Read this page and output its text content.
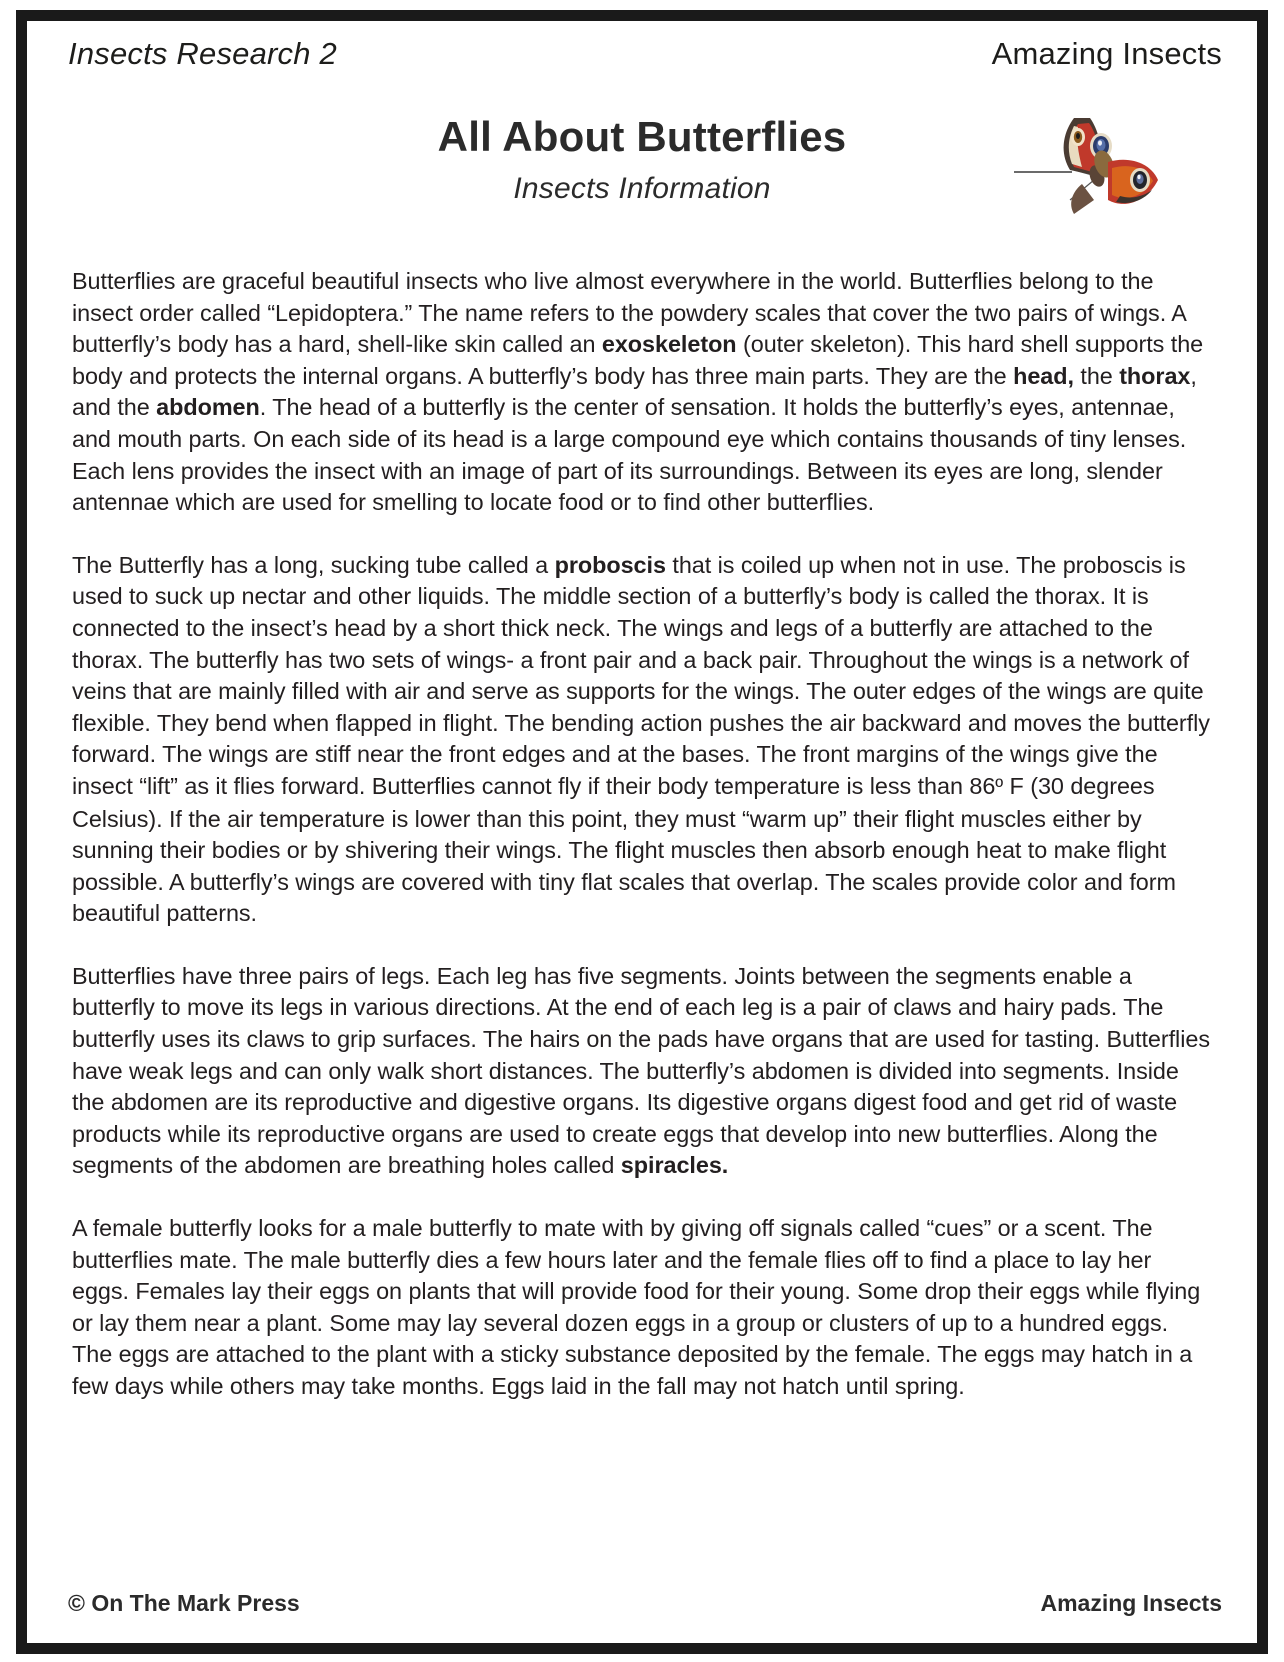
Insects Research 2	Amazing Insects
All About Butterflies
Insects Information

Butterflies are graceful beautiful insects who live almost everywhere in the world. Butterflies belong to the insect order called “Lepidoptera.” The name refers to the powdery scales that cover the two pairs of wings. A butterfly’s body has a hard, shell-like skin called an exoskeleton (outer skeleton). This hard shell supports the body and protects the internal organs. A butterfly’s body has three main parts. They are the head, the thorax, and the abdomen. The head of a butterfly is the center of sensation. It holds the butterfly’s eyes, antennae, and mouth parts. On each side of its head is a large compound eye which contains thousands of tiny lenses. Each lens provides the insect with an image of part of its surroundings. Between its eyes are long, slender antennae which are used for smelling to locate food or to find other butterflies.

The Butterfly has a long, sucking tube called a proboscis that is coiled up when not in use. The proboscis is used to suck up nectar and other liquids. The middle section of a butterfly’s body is called the thorax. It is connected to the insect’s head by a short thick neck. The wings and legs of a butterfly are attached to the thorax. The butterfly has two sets of wings- a front pair and a back pair. Throughout the wings is a network of veins that are mainly filled with air and serve as supports for the wings. The outer edges of the wings are quite flexible. They bend when flapped in flight. The bending action pushes the air backward and moves the butterfly forward. The wings are stiff near the front edges and at the bases. The front margins of the wings give the insect “lift” as it flies forward. Butterflies cannot fly if their body temperature is less than 86º F (30 degrees Celsius). If the air temperature is lower than this point, they must “warm up” their flight muscles either by sunning their bodies or by shivering their wings. The flight muscles then absorb enough heat to make flight possible. A butterfly’s wings are covered with tiny flat scales that overlap. The scales provide color and form beautiful patterns.

Butterflies have three pairs of legs. Each leg has five segments. Joints between the segments enable a butterfly to move its legs in various directions. At the end of each leg is a pair of claws and hairy pads. The butterfly uses its claws to grip surfaces. The hairs on the pads have organs that are used for tasting. Butterflies have weak legs and can only walk short distances. The butterfly’s abdomen is divided into segments. Inside the abdomen are its reproductive and digestive organs. Its digestive organs digest food and get rid of waste products while its reproductive organs are used to create eggs that develop into new butterflies. Along the segments of the abdomen are breathing holes called spiracles.

A female butterfly looks for a male butterfly to mate with by giving off signals called “cues” or a scent. The butterflies mate. The male butterfly dies a few hours later and the female flies off to find a place to lay her eggs. Females lay their eggs on plants that will provide food for their young. Some drop their eggs while flying or lay them near a plant. Some may lay several dozen eggs in a group or clusters of up to a hundred eggs. The eggs are attached to the plant with a sticky substance deposited by the female. The eggs may hatch in a few days while others may take months. Eggs laid in the fall may not hatch until spring.

© On The Mark Press	Amazing Insects
